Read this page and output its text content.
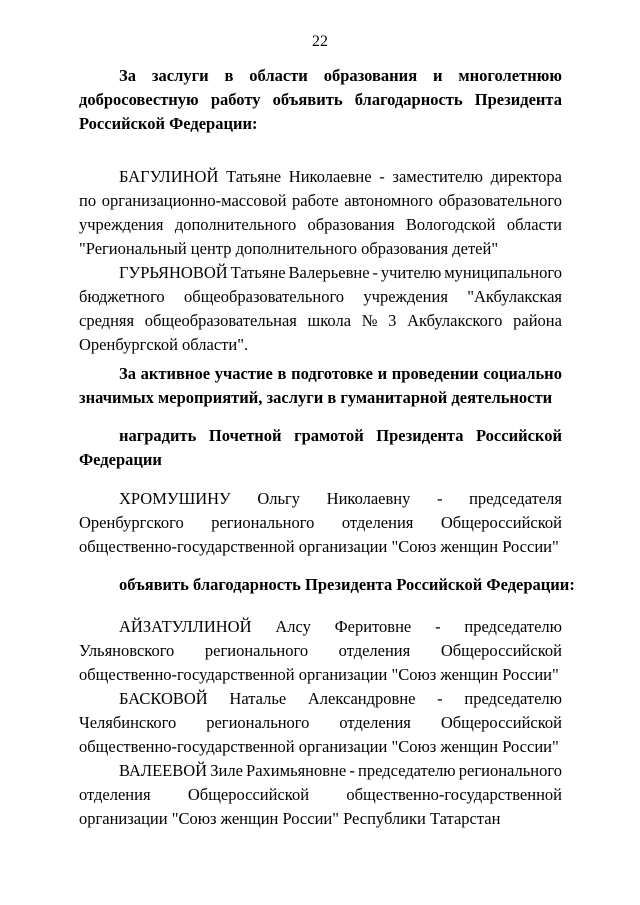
22
За заслуги в области образования и многолетнюю
добросовестную работу объявить благодарность Президента
Российской Федерации:
БАГУЛИНОЙ Татьяне Николаевне - заместителю директора
по организационно-массовой работе автономного образовательного
учреждения дополнительного образования Вологодской области
"Региональный центр дополнительного образования детей"
ГУРЬЯНОВОЙ Татьяне Валерьевне - учителю муниципального
бюджетного общеобразовательного учреждения "Акбулакская
средняя общеобразовательная школа № 3 Акбулакского района
Оренбургской области".
За активное участие в подготовке и проведении социально
значимых мероприятий, заслуги в гуманитарной деятельности
наградить Почетной грамотой Президента Российской
Федерации
ХРОМУШИНУ Ольгу Николаевну - председателя
Оренбургского регионального отделения Общероссийской
общественно-государственной организации "Союз женщин России"
объявить благодарность Президента Российской Федерации:
АЙЗАТУЛЛИНОЙ Алсу Феритовне - председателю
Ульяновского регионального отделения Общероссийской
общественно-государственной организации "Союз женщин России"
БАСКОВОЙ Наталье Александровне - председателю
Челябинского регионального отделения Общероссийской
общественно-государственной организации "Союз женщин России"
ВАЛЕЕВОЙ Зиле Рахимьяновне - председателю регионального
отделения Общероссийской общественно-государственной
организации "Союз женщин России" Республики Татарстан
